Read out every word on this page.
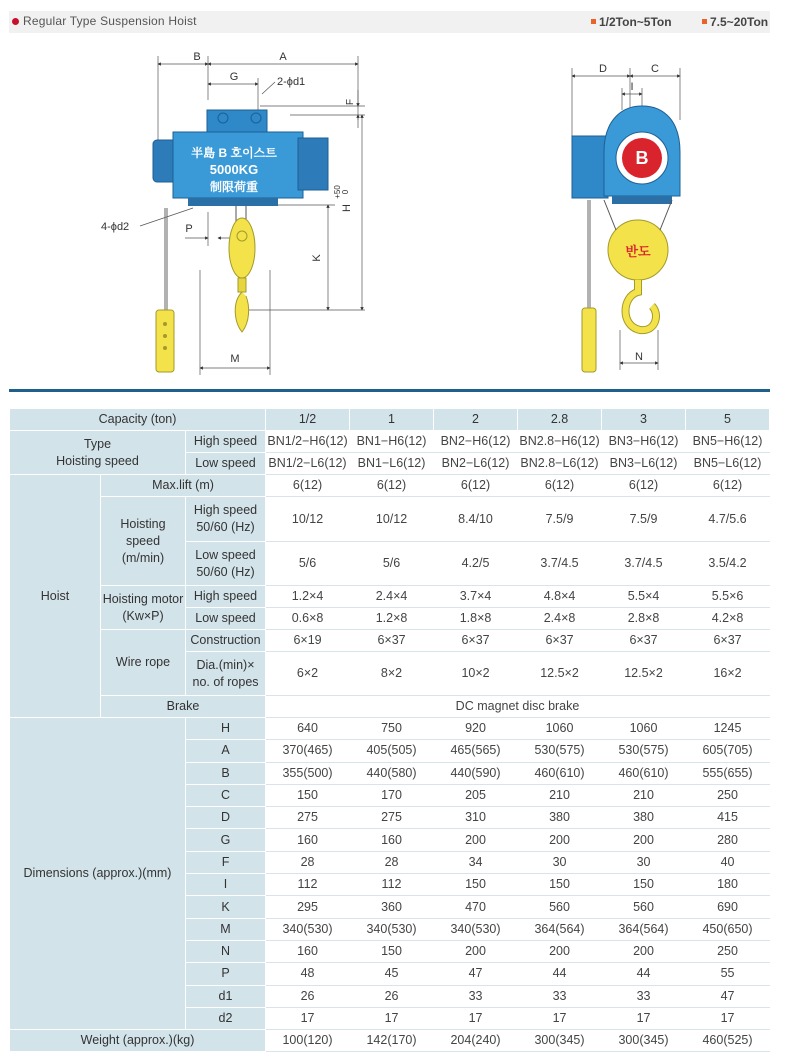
Regular Type Suspension Hoist	1/2Ton~5Ton	7.5~20Ton
半島 B 호이스트
5000KG
制限荷重
B
반도
B	A
G	2-ϕd1
F
H
+50 0
K
M
P
4-ϕd2
D	C
I
N
Capacity (ton)			1/2	1	2	2.8	3	5
Type
Hoisting speed		High speed	BN1/2−H6(12)	BN1−H6(12)	BN2−H6(12)	BN2.8−H6(12)	BN3−H6(12)	BN5−H6(12)
		Low speed	BN1/2−L6(12)	BN1−L6(12)	BN2−L6(12)	BN2.8−L6(12)	BN3−L6(12)	BN5−L6(12)
Hoist	Max.lift (m)		6(12)	6(12)	6(12)	6(12)	6(12)	6(12)
	Hoisting
speed
(m/min)	High speed
50/60 (Hz)	10/12	10/12	8.4/10	7.5/9	7.5/9	4.7/5.6
		Low speed
50/60 (Hz)	5/6	5/6	4.2/5	3.7/4.5	3.7/4.5	3.5/4.2
	Hoisting motor
(Kw×P)	High speed	1.2×4	2.4×4	3.7×4	4.8×4	5.5×4	5.5×6
		Low speed	0.6×8	1.2×8	1.8×8	2.4×8	2.8×8	4.2×8
	Wire rope	Construction	6×19	6×37	6×37	6×37	6×37	6×37
		Dia.(min)×
no. of ropes	6×2	8×2	10×2	12.5×2	12.5×2	16×2
	Brake		DC magnet disc brake					
Dimensions (approx.)(mm)		H	640	750	920	1060	1060	1245
		A	370(465)	405(505)	465(565)	530(575)	530(575)	605(705)
		B	355(500)	440(580)	440(590)	460(610)	460(610)	555(655)
		C	150	170	205	210	210	250
		D	275	275	310	380	380	415
		G	160	160	200	200	200	280
		F	28	28	34	30	30	40
		I	112	112	150	150	150	180
		K	295	360	470	560	560	690
		M	340(530)	340(530)	340(530)	364(564)	364(564)	450(650)
		N	160	150	200	200	200	250
		P	48	45	47	44	44	55
		d1	26	26	33	33	33	47
		d2	17	17	17	17	17	17
Weight (approx.)(kg)			100(120)	142(170)	204(240)	300(345)	300(345)	460(525)
